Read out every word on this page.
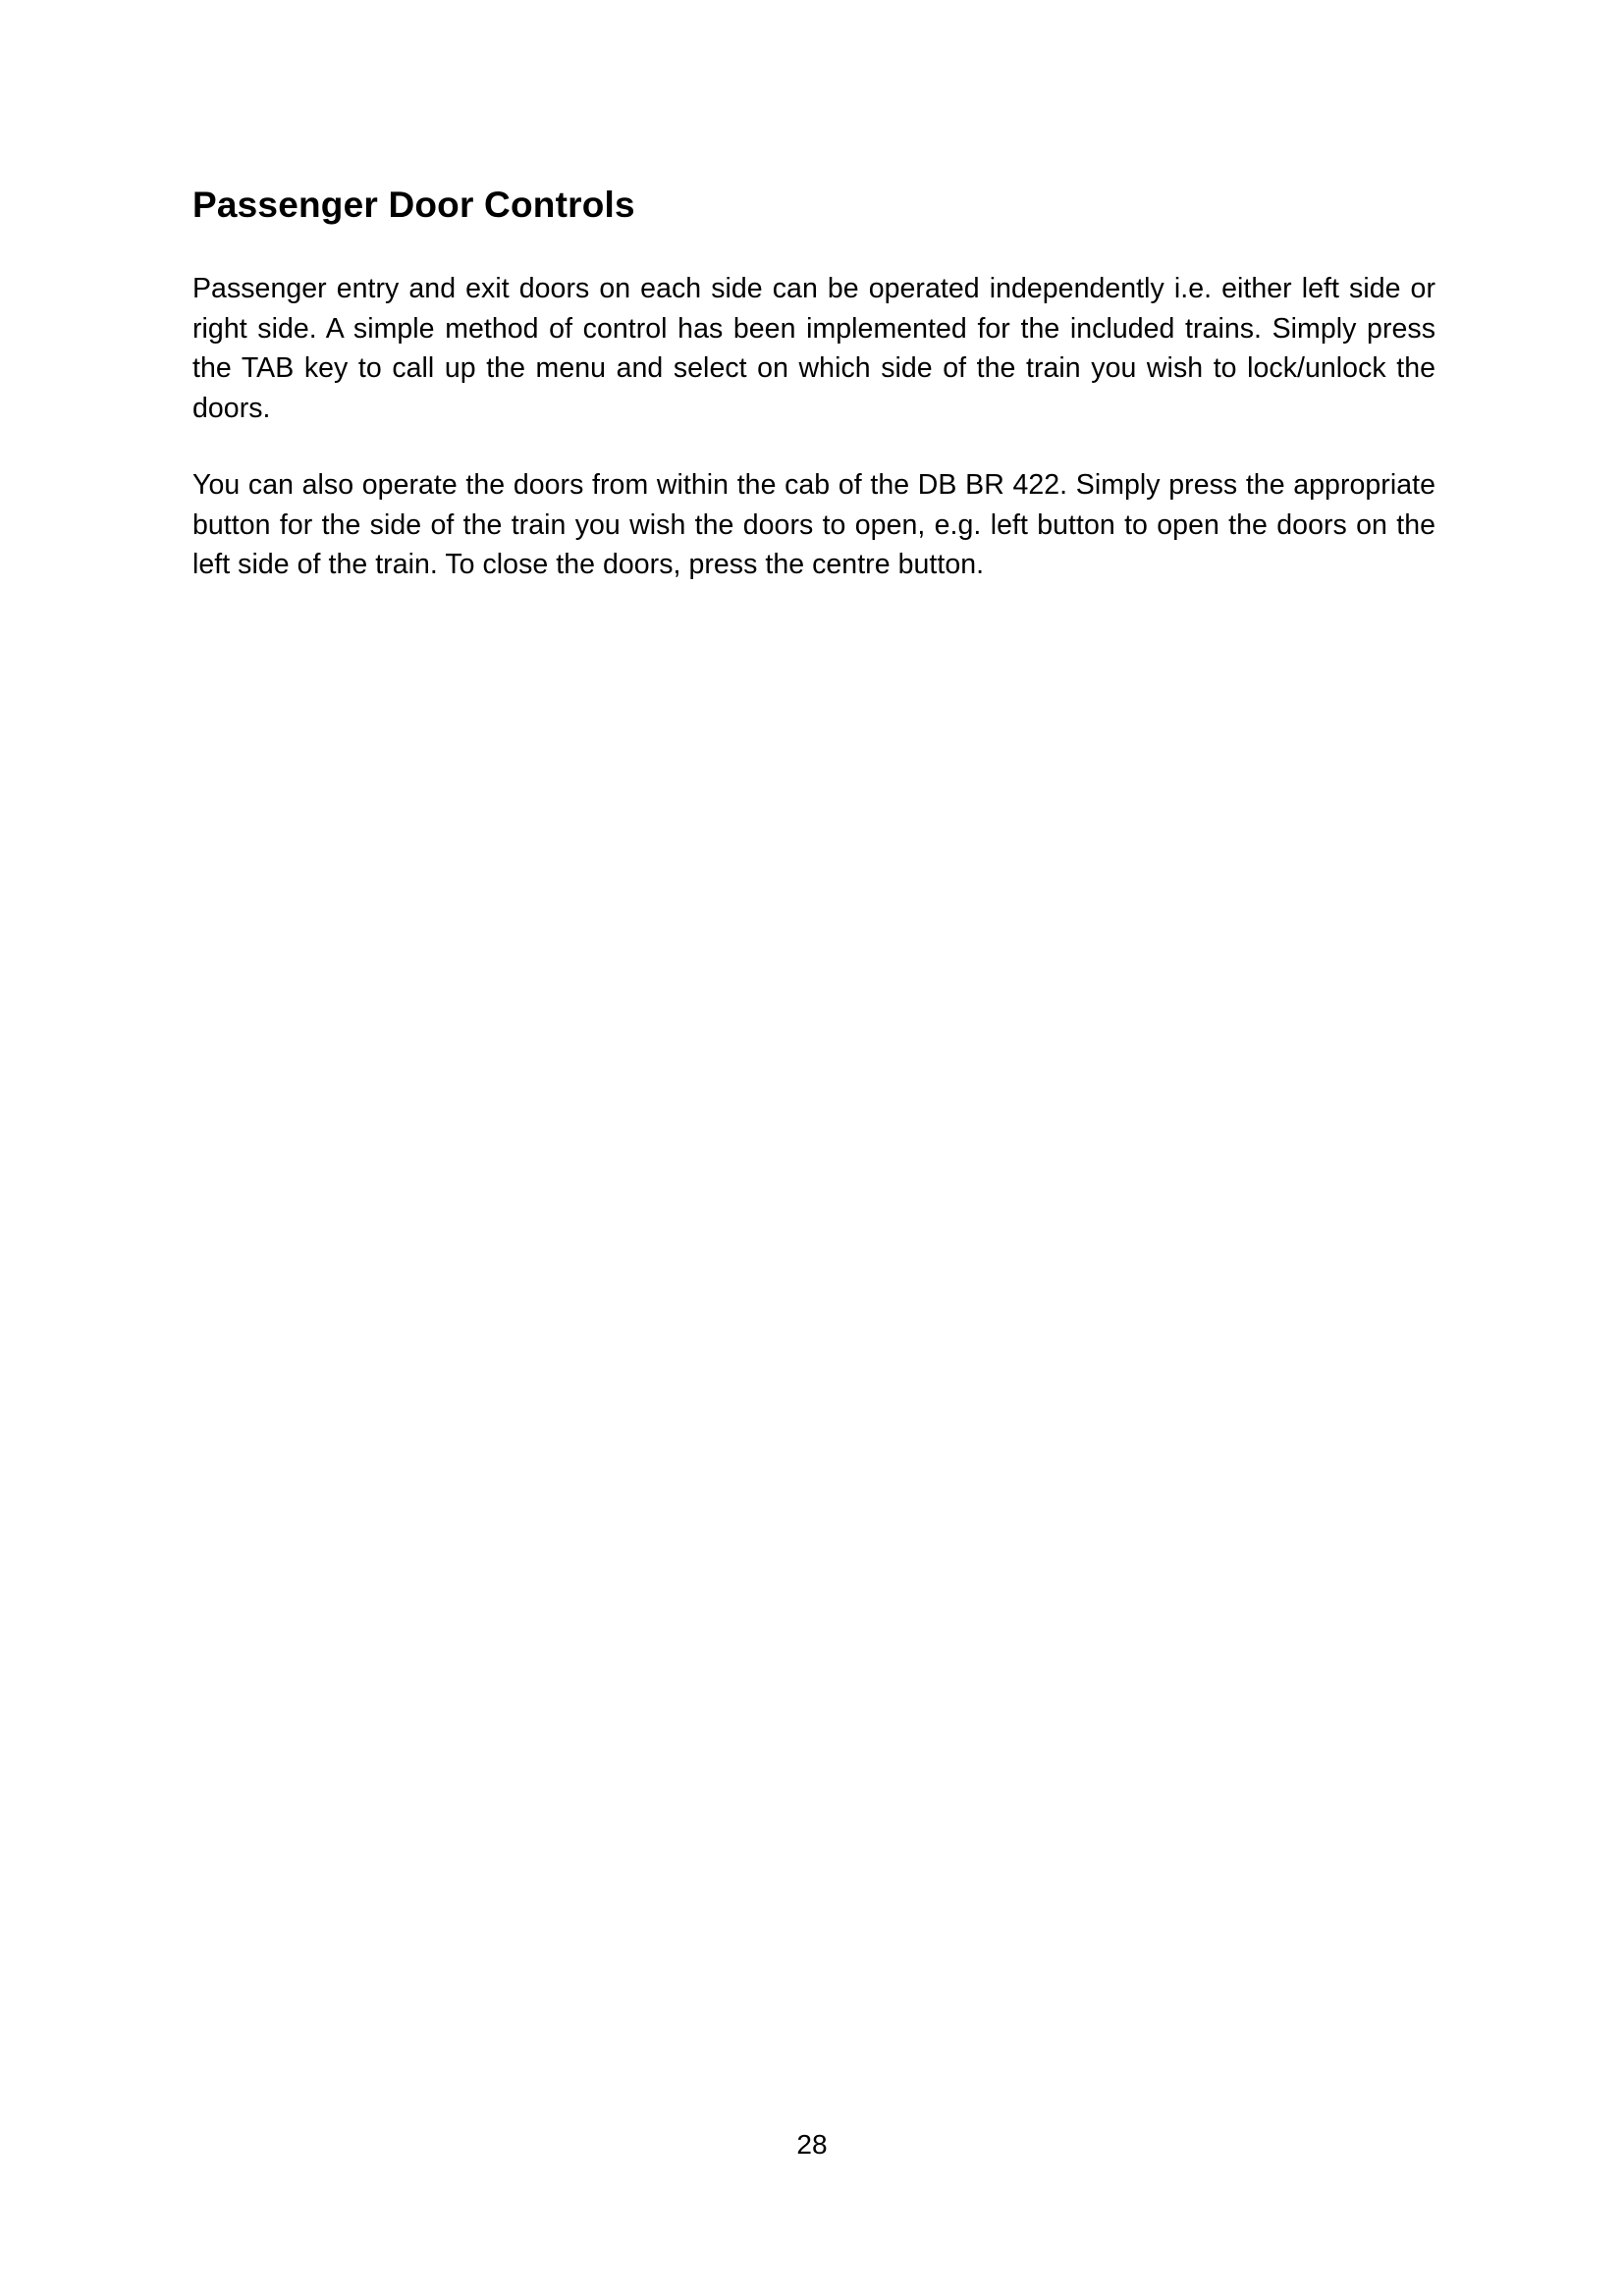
Passenger Door Controls

Passenger entry and exit doors on each side can be operated independently i.e. either left side or right side. A simple method of control has been implemented for the included trains. Simply press the TAB key to call up the menu and select on which side of the train you wish to lock/unlock the doors.

You can also operate the doors from within the cab of the DB BR 422. Simply press the appropriate button for the side of the train you wish the doors to open, e.g. left button to open the doors on the left side of the train. To close the doors, press the centre button.

28
